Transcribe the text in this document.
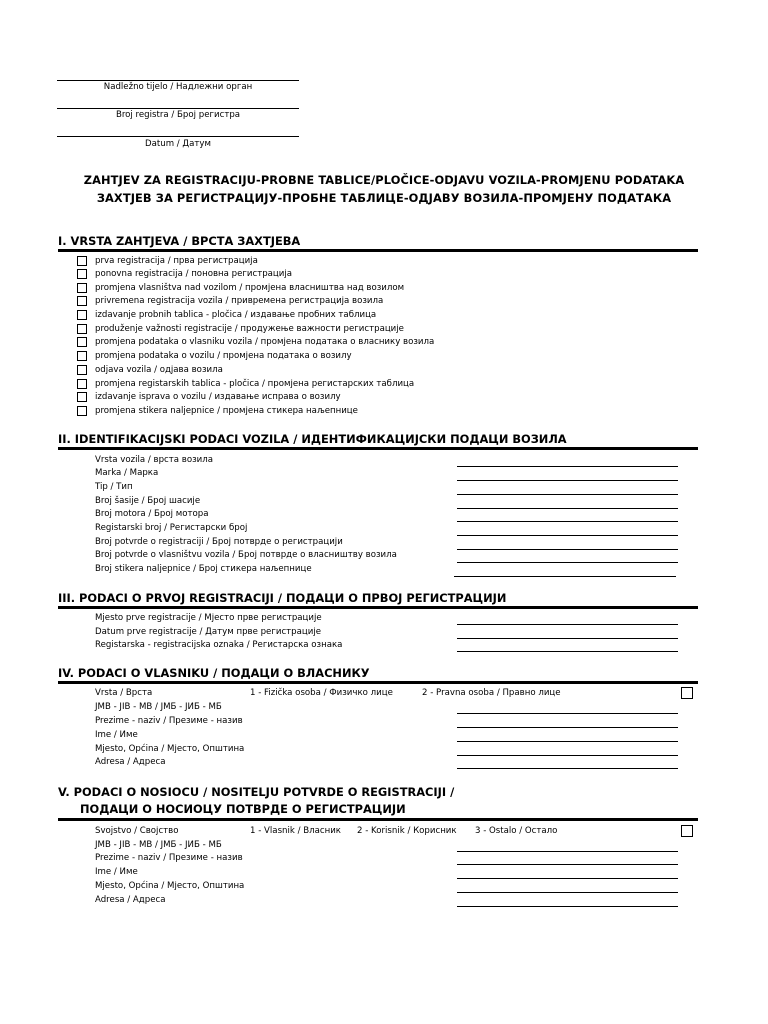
Nadležno tijelo / Надлежни орган
Broj registra / Број регистра
Datum / Датум
ZAHTJEV ZA REGISTRACIJU-PROBNE TABLICE/PLOČICE-ODJAVU VOZILA-PROMJENU PODATAKA
ЗАХТЈЕВ ЗА РЕГИСТРАЦИЈУ-ПРОБНЕ ТАБЛИЦЕ-ОДЈАВУ ВОЗИЛА-ПРОМЈЕНУ ПОДАТАКА
I. VRSTA ZAHTJEVA / ВРСТА ЗАХТЈЕВА
prva registracija / прва регистрација
ponovna registracija / поновна регистрација
promjena vlasništva nad vozilom / промјена власништва над возилом
privremena registracija vozila / привремена регистрација возила
izdavanje probnih tablica - pločica / издавање пробних таблица
produženje važnosti registracije / продужење важности регистрације
promjena podataka o vlasniku vozila / промјена података о власнику возила
promjena podataka o vozilu / промјена података о возилу
odjava vozila / одјава возила
promjena registarskih tablica - pločica / промјена регистарских таблица
izdavanje isprava o vozilu / издавање исправа о возилу
promjena stikera naljepnice / промјена стикера наљепнице
II. IDENTIFIKACIJSKI PODACI VOZILA / ИДЕНТИФИКАЦИЈСКИ ПОДАЦИ ВОЗИЛА
Vrsta vozila / врста возила
Marka / Марка
Tip / Тип
Broj šasije / Број шасије
Broj motora / Број мотора
Registarski broj / Регистарски број
Broj potvrde o registraciji / Број потврде о регистрацији
Broj potvrde o vlasništvu vozila / Број потврде о власништву возила
Broj stikera naljepnice / Број стикера наљепнице
III. PODACI O PRVOJ REGISTRACIJI / ПОДАЦИ О ПРВОЈ РЕГИСТРАЦИЈИ
Mjesto prve registracije / Мјесто прве регистрације
Datum prve registracije / Датум прве регистрације
Registarska - registracijska oznaka / Регистарска ознака
IV. PODACI O VLASNIKU / ПОДАЦИ О ВЛАСНИКУ
Vrsta / Врста	1 - Fizička osoba / Физичко лице	2 - Pravna osoba / Правно лице
JMB - JIB - MB / ЈМБ - ЈИБ - МБ
Prezime - naziv / Презиме - назив
Ime / Име
Mjesto, Općina / Мјесто, Општина
Adresa / Адреса
V. PODACI O NOSIOCU / NOSITELJU POTVRDE O REGISTRACIJI /
ПОДАЦИ О НОСИОЦУ ПОТВРДЕ О РЕГИСТРАЦИЈИ
Svojstvo / Својство	1 - Vlasnik / Власник 2 - Korisnik / Корисник 3 - Ostalo / Остало
JMB - JIB - MB / ЈМБ - ЈИБ - МБ
Prezime - naziv / Презиме - назив
Ime / Име
Mjesto, Općina / Мјесто, Општина
Adresa / Адреса
